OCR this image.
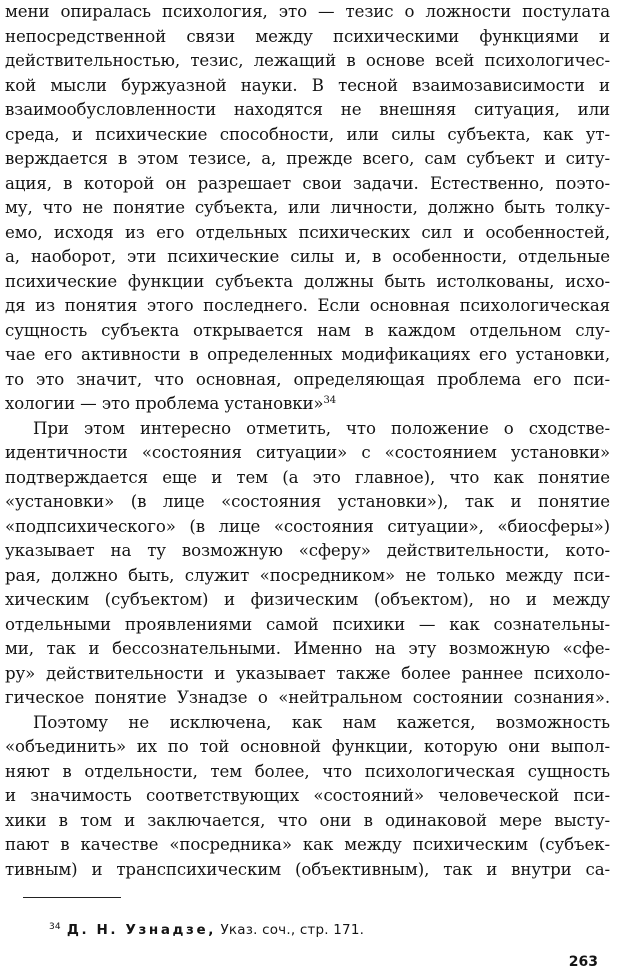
мени опиралась психология, это — тезис о ложности постулата
непосредственной связи между психическими функциями и
действительностью, тезис, лежащий в основе всей психологичес-
кой мысли буржуазной науки. В тесной взаимозависимости и
взаимообусловленности находятся не внешняя ситуация, или
среда, и психические способности, или силы субъекта, как ут-
верждается в этом тезисе, а, прежде всего, сам субъект и ситу-
ация, в которой он разрешает свои задачи. Естественно, поэто-
му, что не понятие субъекта, или личности, должно быть толку-
емо, исходя из его отдельных психических сил и особенностей,
а, наоборот, эти психические силы и, в особенности, отдельные
психические функции субъекта должны быть истолкованы, исхо-
дя из понятия этого последнего. Если основная психологическая
сущность субъекта открывается нам в каждом отдельном слу-
чае его активности в определенных модификациях его установки,
то это значит, что основная, определяющая проблема его пси-
хологии — это проблема установки»$^{34}$
При этом интересно отметить, что положение о сходстве-
идентичности «состояния ситуации» с «состоянием установки»
подтверждается еще и тем (а это главное), что как понятие
«установки» (в лице «состояния установки»), так и понятие
«подпсихического» (в лице «состояния ситуации», «биосферы»)
указывает на ту возможную «сферу» действительности, кото-
рая, должно быть, служит «посредником» не только между пси-
хическим (субъектом) и физическим (объектом), но и между
отдельными проявлениями самой психики — как сознательны-
ми, так и бессознательными. Именно на эту возможную «сфе-
ру» действительности и указывает также более раннее психоло-
гическое понятие Узнадзе о «нейтральном состоянии сознания».
Поэтому не исключена, как нам кажется, возможность
«объединить» их по той основной функции, которую они выпол-
няют в отдельности, тем более, что психологическая сущность
и значимость соответствующих «состояний» человеческой пси-
хики в том и заключается, что они в одинаковой мере высту-
пают в качестве «посредника» как между психическим (субъек-
тивным) и транспсихическим (объективным), так и внутри са-
$^{34}$ Д. Н. Узнадзе, Указ. соч., стр. 171.
263
